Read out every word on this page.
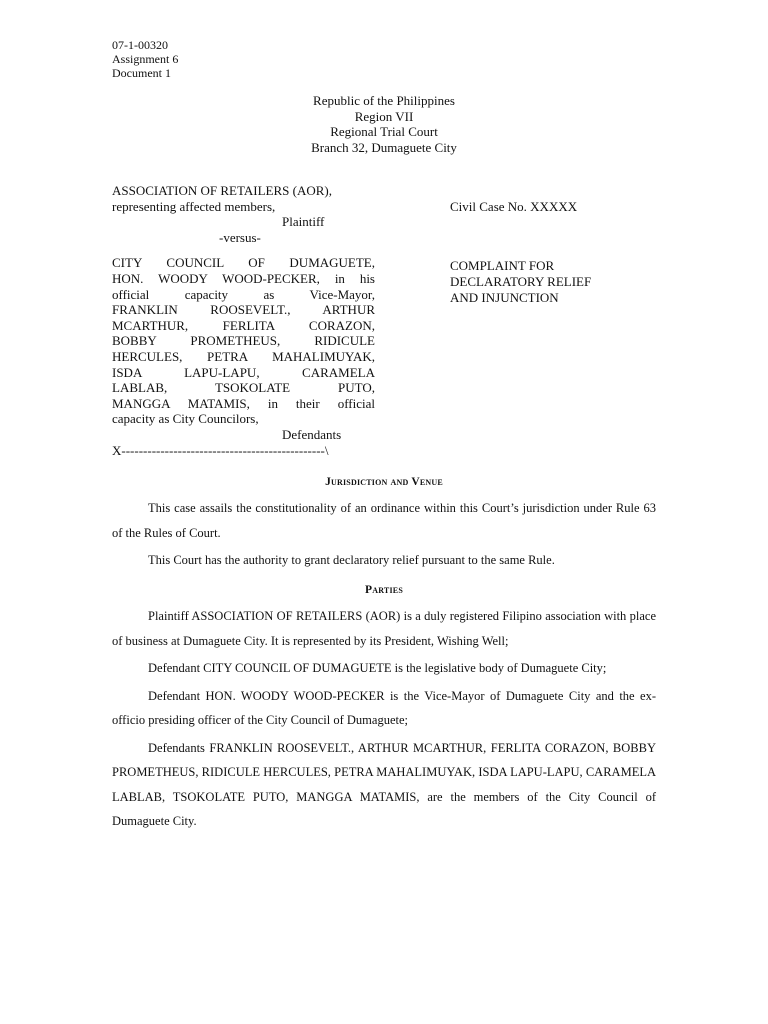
07-1-00320
Assignment 6
Document 1
Republic of the Philippines
Region VII
Regional Trial Court
Branch 32, Dumaguete City
ASSOCIATION OF RETAILERS (AOR),
representing affected members,
Plaintiff
-versus-
CITY COUNCIL OF DUMAGUETE,
HON. WOODY WOOD-PECKER, in his
official capacity as Vice-Mayor,
FRANKLIN ROOSEVELT., ARTHUR
MCARTHUR, FERLITA CORAZON,
BOBBY PROMETHEUS, RIDICULE
HERCULES, PETRA MAHALIMUYAK,
ISDA LAPU-LAPU, CARAMELA
LABLAB, TSOKOLATE PUTO,
MANGGA MATAMIS, in their official
capacity as City Councilors,
Defendants
X-----------------------------------------------\
Civil Case No. XXXXX
COMPLAINT FOR
DECLARATORY RELIEF
AND INJUNCTION
Jurisdiction and Venue

This case assails the constitutionality of an ordinance within this Court’s jurisdiction under Rule 63 of the Rules of Court.

This Court has the authority to grant declaratory relief pursuant to the same Rule.

Parties

Plaintiff ASSOCIATION OF RETAILERS (AOR) is a duly registered Filipino association with place of business at Dumaguete City. It is represented by its President, Wishing Well;

Defendant CITY COUNCIL OF DUMAGUETE is the legislative body of Dumaguete City;

Defendant HON. WOODY WOOD-PECKER is the Vice-Mayor of Dumaguete City and the ex-officio presiding officer of the City Council of Dumaguete;

Defendants FRANKLIN ROOSEVELT., ARTHUR MCARTHUR, FERLITA CORAZON, BOBBY PROMETHEUS, RIDICULE HERCULES, PETRA MAHALIMUYAK, ISDA LAPU-LAPU, CARAMELA LABLAB, TSOKOLATE PUTO, MANGGA MATAMIS, are the members of the City Council of Dumaguete City.
